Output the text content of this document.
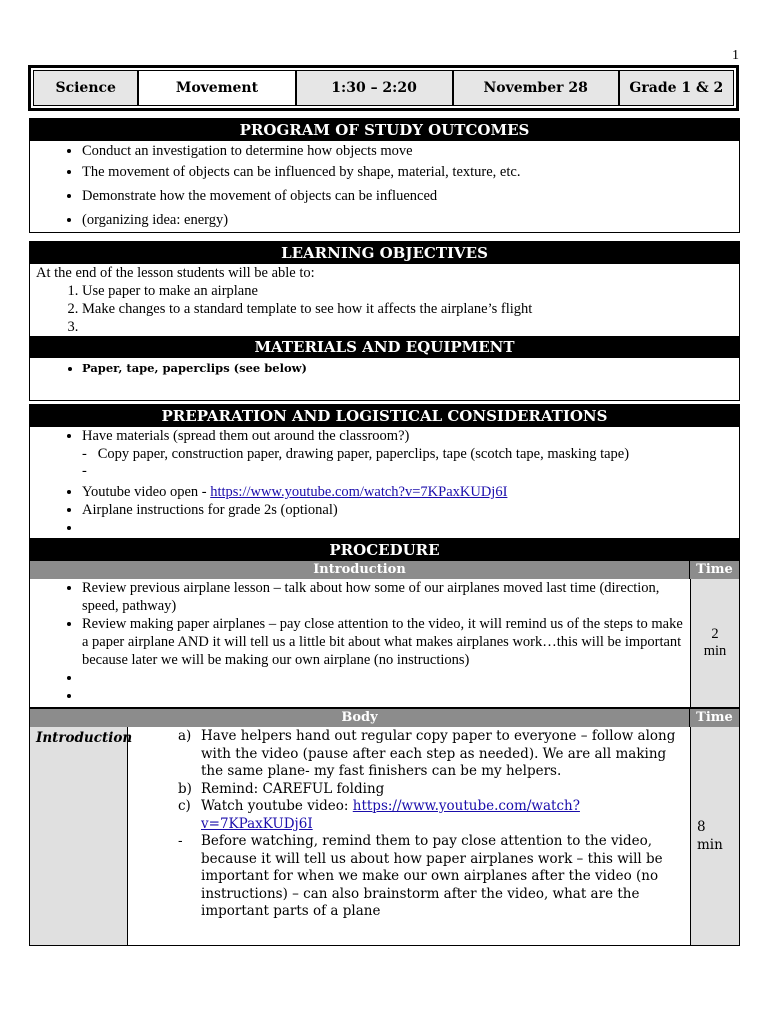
1
Science	Movement	1:30 – 2:20	November 28	Grade 1 & 2
PROGRAM OF STUDY OUTCOMES
• Conduct an investigation to determine how objects move
• The movement of objects can be influenced by shape, material, texture, etc.
• Demonstrate how the movement of objects can be influenced
• (organizing idea: energy)
LEARNING OBJECTIVES
At the end of the lesson students will be able to:
1. Use paper to make an airplane
2. Make changes to a standard template to see how it affects the airplane’s flight
3.
MATERIALS AND EQUIPMENT
• Paper, tape, paperclips (see below)
PREPARATION AND LOGISTICAL CONSIDERATIONS
• Have materials (spread them out around the classroom?)
-   Copy paper, construction paper, drawing paper, paperclips, tape (scotch tape, masking tape)
-
• Youtube video open - https://www.youtube.com/watch?v=7KPaxKUDj6I
• Airplane instructions for grade 2s (optional)
•
PROCEDURE
Introduction	Time
• Review previous airplane lesson – talk about how some of our airplanes moved last time (direction, speed, pathway)
• Review making paper airplanes – pay close attention to the video, it will remind us of the steps to make a paper airplane AND it will tell us a little bit about what makes airplanes work…this will be important because later we will be making our own airplane (no instructions)
•
•
2
min
Body	Time
Introduction	a) Have helpers hand out regular copy paper to everyone – follow along with the video (pause after each step as needed). We are all making the same plane- my fast finishers can be my helpers.
b) Remind: CAREFUL folding
c) Watch youtube video: https://www.youtube.com/watch?v=7KPaxKUDj6I
-	Before watching, remind them to pay close attention to the video, because it will tell us about how paper airplanes work – this will be important for when we make our own airplanes after the video (no instructions) – can also brainstorm after the video, what are the important parts of a plane
8
min
